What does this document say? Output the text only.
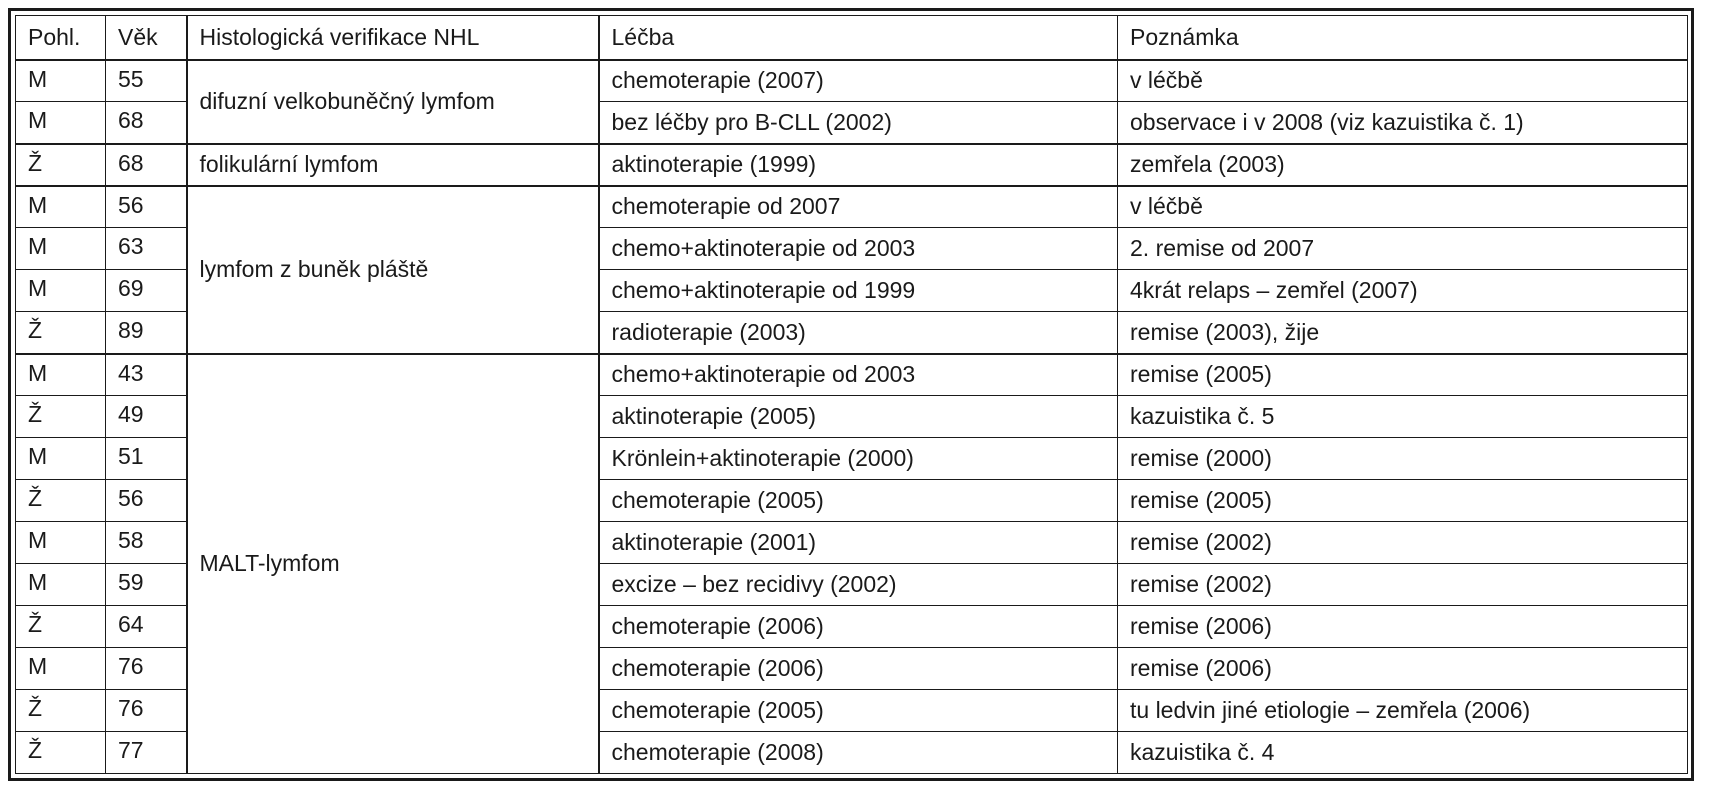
Pohl.	Věk	Histologická verifikace NHL	Léčba	Poznámka
M	55	difuzní velkobuněčný lymfom	chemoterapie (2007)	v léčbě
M	68		bez léčby pro B-CLL (2002)	observace i v 2008 (viz kazuistika č. 1)
Ž	68	folikulární lymfom	aktinoterapie (1999)	zemřela (2003)
M	56	lymfom z buněk pláště	chemoterapie od 2007	v léčbě
M	63		chemo+aktinoterapie od 2003	2. remise od 2007
M	69		chemo+aktinoterapie od 1999	4krát relaps – zemřel (2007)
Ž	89		radioterapie (2003)	remise (2003), žije
M	43	MALT-lymfom	chemo+aktinoterapie od 2003	remise (2005)
Ž	49		aktinoterapie (2005)	kazuistika č. 5
M	51		Krönlein+aktinoterapie (2000)	remise (2000)
Ž	56		chemoterapie (2005)	remise (2005)
M	58		aktinoterapie (2001)	remise (2002)
M	59		excize – bez recidivy (2002)	remise (2002)
Ž	64		chemoterapie (2006)	remise (2006)
M	76		chemoterapie (2006)	remise (2006)
Ž	76		chemoterapie (2005)	tu ledvin jiné etiologie – zemřela (2006)
Ž	77		chemoterapie (2008)	kazuistika č. 4
